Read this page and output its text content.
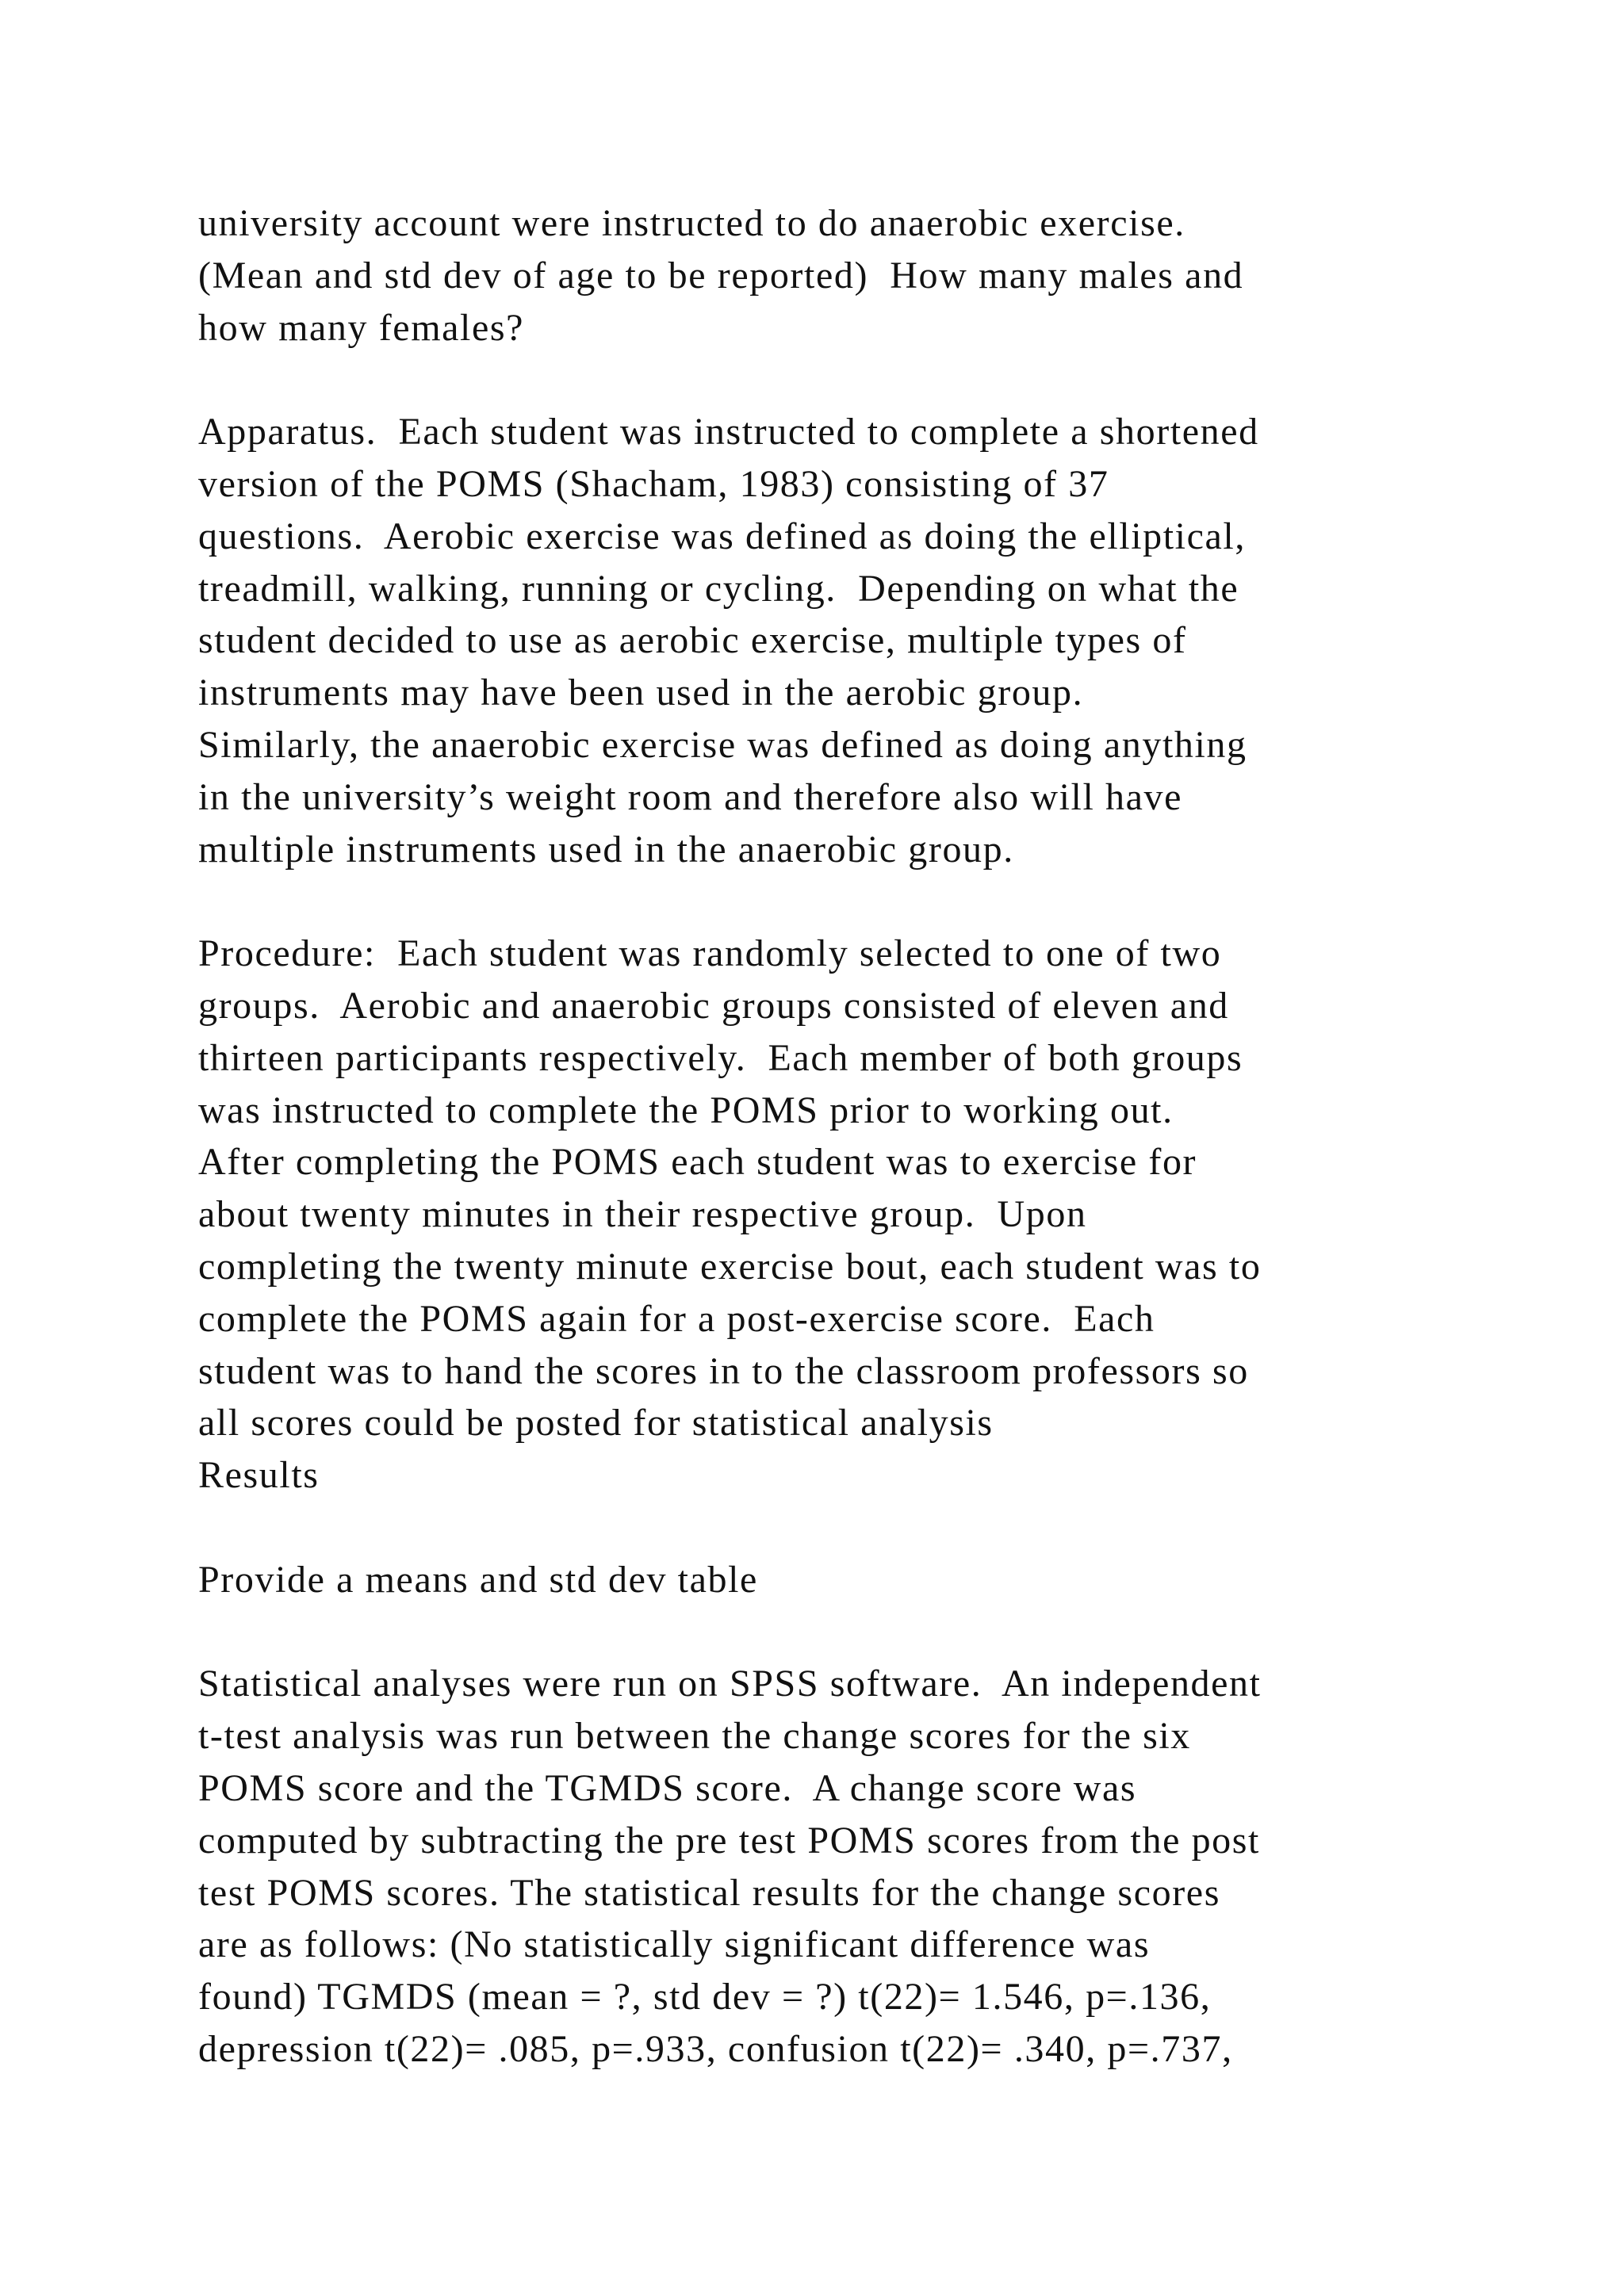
university account were instructed to do anaerobic exercise.

(Mean and std dev of age to be reported)  How many males and

how many females?

Apparatus.  Each student was instructed to complete a shortened

version of the POMS (Shacham, 1983) consisting of 37

questions.  Aerobic exercise was defined as doing the elliptical,

treadmill, walking, running or cycling.  Depending on what the

student decided to use as aerobic exercise, multiple types of

instruments may have been used in the aerobic group.

Similarly, the anaerobic exercise was defined as doing anything

in the university’s weight room and therefore also will have

multiple instruments used in the anaerobic group.

Procedure:  Each student was randomly selected to one of two

groups.  Aerobic and anaerobic groups consisted of eleven and

thirteen participants respectively.  Each member of both groups

was instructed to complete the POMS prior to working out.

After completing the POMS each student was to exercise for

about twenty minutes in their respective group.  Upon

completing the twenty minute exercise bout, each student was to

complete the POMS again for a post-exercise score.  Each

student was to hand the scores in to the classroom professors so

all scores could be posted for statistical analysis

Results

Provide a means and std dev table

Statistical analyses were run on SPSS software.  An independent

t-test analysis was run between the change scores for the six

POMS score and the TGMDS score.  A change score was

computed by subtracting the pre test POMS scores from the post

test POMS scores. The statistical results for the change scores

are as follows: (No statistically significant difference was

found) TGMDS (mean = ?, std dev = ?) t(22)= 1.546, p=.136,

depression t(22)= .085, p=.933, confusion t(22)= .340, p=.737,
